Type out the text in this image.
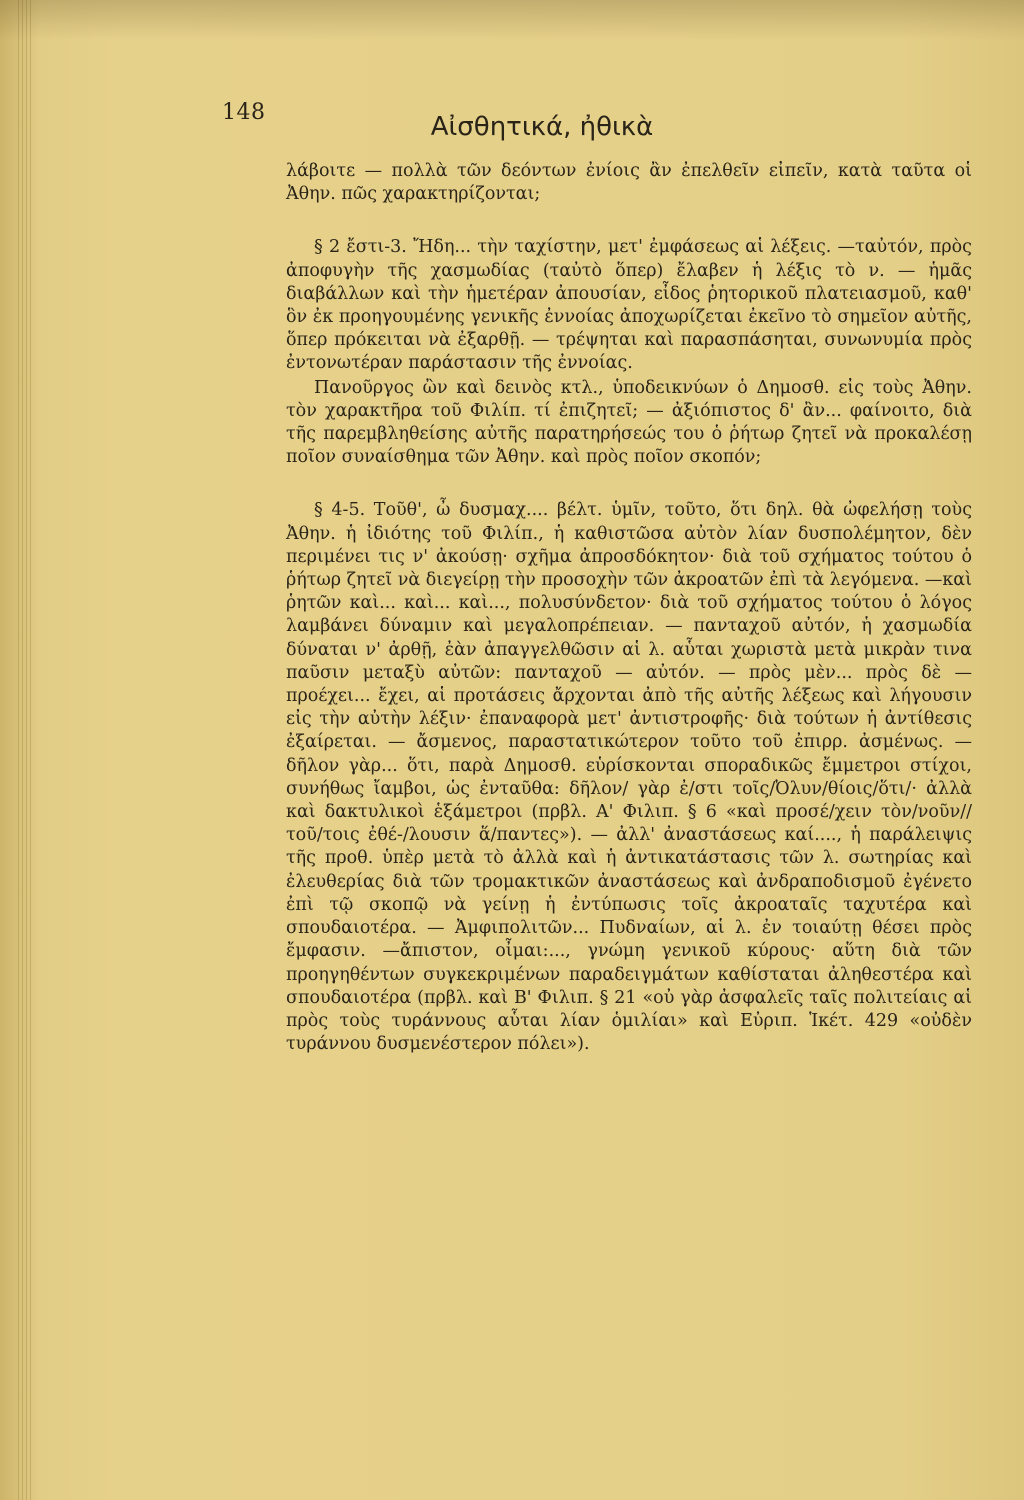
148	Αἰσθητικά, ἠθικὰ

λάβοιτε — πολλὰ τῶν δεόντων ἐνίοις ἂν ἐπελθεῖν εἰπεῖν, κατὰ ταῦτα οἱ Ἀθην. πῶς χαρακτηρίζονται;

§ 2 ἔστι-3. Ἤδη... τὴν ταχίστην, μετ' ἐμφάσεως αἱ λέξεις. —ταὐτόν, πρὸς ἀποφυγὴν τῆς χασμωδίας (ταὐτὸ ὅπερ) ἔλαβεν ἡ λέξις τὸ ν. — ἡμᾶς διαβάλλων καὶ τὴν ἡμετέραν ἀπουσίαν, εἶδος ῥητορικοῦ πλατειασμοῦ, καθ' ὃν ἐκ προηγουμένης γενικῆς ἐννοίας ἀποχωρίζεται ἐκεῖνο τὸ σημεῖον αὐτῆς, ὅπερ πρόκειται νὰ ἐξαρθῇ. — τρέψηται καὶ παρασπάσηται, συνωνυμία πρὸς ἐντονωτέραν παράστασιν τῆς ἐννοίας.

Πανοῦργος ὢν καὶ δεινὸς κτλ., ὑποδεικνύων ὁ Δημοσθ. εἰς τοὺς Ἀθην. τὸν χαρακτῆρα τοῦ Φιλίπ. τί ἐπιζητεῖ; — ἀξιόπιστος δ' ἂν... φαίνοιτο, διὰ τῆς παρεμβληθείσης αὐτῆς παρατηρήσεώς του ὁ ῥήτωρ ζητεῖ νὰ προκαλέσῃ ποῖον συναίσθημα τῶν Ἀθην. καὶ πρὸς ποῖον σκοπόν;

§ 4-5. Τοῦθ', ὦ δυσμαχ.... βέλτ. ὑμῖν, τοῦτο, ὅτι δηλ. θὰ ὠφελήσῃ τοὺς Ἀθην. ἡ ἰδιότης τοῦ Φιλίπ., ἡ καθιστῶσα αὐτὸν λίαν δυσπολέμητον, δὲν περιμένει τις ν' ἀκούσῃ· σχῆμα ἀπροσδόκητον· διὰ τοῦ σχήματος τούτου ὁ ῥήτωρ ζητεῖ νὰ διεγείρῃ τὴν προσοχὴν τῶν ἀκροατῶν ἐπὶ τὰ λεγόμενα. —καὶ ῥητῶν καὶ... καὶ... καὶ..., πολυσύνδετον· διὰ τοῦ σχήματος τούτου ὁ λόγος λαμβάνει δύναμιν καὶ μεγαλοπρέπειαν. — πανταχοῦ αὐτόν, ἡ χασμωδία δύναται ν' ἀρθῇ, ἐὰν ἀπαγγελθῶσιν αἱ λ. αὗται χωριστὰ μετὰ μικρὰν τινα παῦσιν μεταξὺ αὐτῶν: πανταχοῦ — αὐτόν. — πρὸς μὲν... πρὸς δὲ — προέχει... ἔχει, αἱ προτάσεις ἄρχονται ἀπὸ τῆς αὐτῆς λέξεως καὶ λήγουσιν εἰς τὴν αὐτὴν λέξιν· ἐπαναφορὰ μετ' ἀντιστροφῆς· διὰ τούτων ἡ ἀντίθεσις ἐξαίρεται. — ἄσμενος, παραστατικώτερον τοῦτο τοῦ ἐπιρρ. ἀσμένως. — δῆλον γὰρ... ὅτι, παρὰ Δημοσθ. εὑρίσκονται σποραδικῶς ἔμμετροι στίχοι, συνήθως ἴαμβοι, ὡς ἐνταῦθα: δῆλον/ γὰρ ἐ/στι τοῖς/Ὀλυν/θίοις/ὅτι/· ἀλλὰ καὶ δακτυλικοὶ ἑξάμετροι (πρβλ. Α' Φιλιπ. § 6 «καὶ προσέ/χειν τὸν/νοῦν//τοῦ/τοις ἐθέ-/λουσιν ἅ/παντες»). — ἀλλ' ἀναστάσεως καί...., ἡ παράλειψις τῆς προθ. ὑπὲρ μετὰ τὸ ἀλλὰ καὶ ἡ ἀντικατάστασις τῶν λ. σωτηρίας καὶ ἐλευθερίας διὰ τῶν τρομακτικῶν ἀναστάσεως καὶ ἀνδραποδισμοῦ ἐγένετο ἐπὶ τῷ σκοπῷ νὰ γείνῃ ἡ ἐντύπωσις τοῖς ἀκροαταῖς ταχυτέρα καὶ σπουδαιοτέρα. — Ἀμφιπολιτῶν... Πυδναίων, αἱ λ. ἐν τοιαύτῃ θέσει πρὸς ἔμφασιν. —ἄπιστον, οἶμαι:..., γνώμη γενικοῦ κύρους· αὕτη διὰ τῶν προηγηθέντων συγκεκριμένων παραδειγμάτων καθίσταται ἀληθεστέρα καὶ σπουδαιοτέρα (πρβλ. καὶ Β' Φιλιπ. § 21 «οὐ γὰρ ἀσφαλεῖς ταῖς πολιτείαις αἱ πρὸς τοὺς τυράννους αὗται λίαν ὁμιλίαι» καὶ Εὐριπ. Ἱκέτ. 429 «οὐδὲν τυράννου δυσμενέστερον πόλει»).
